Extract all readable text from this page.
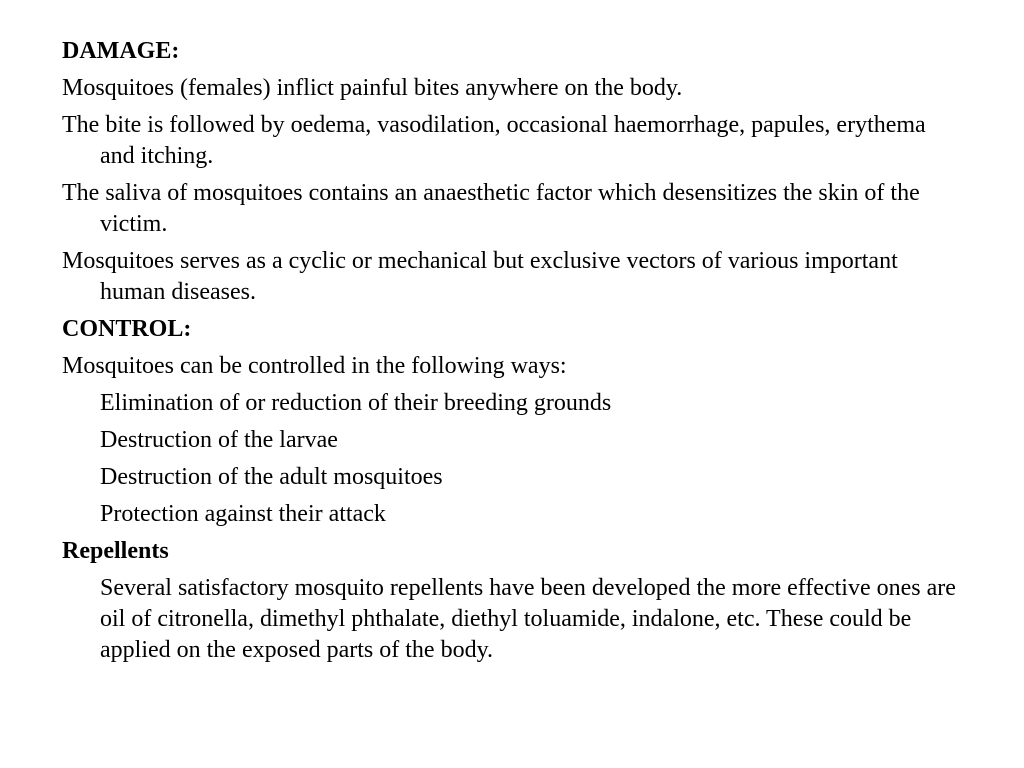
DAMAGE:
Mosquitoes (females) inflict painful bites anywhere on the body.
The bite is followed by oedema, vasodilation, occasional haemorrhage, papules, erythema and itching.
The saliva of mosquitoes contains an anaesthetic factor which desensitizes the skin of the victim.
Mosquitoes serves as a cyclic or mechanical but exclusive vectors of various important human diseases.
CONTROL:
Mosquitoes can be controlled in the following ways:
Elimination of or reduction of their breeding grounds
Destruction of the larvae
Destruction of the adult mosquitoes
Protection against their attack
Repellents
Several satisfactory mosquito repellents have been developed the more effective ones are oil of citronella, dimethyl phthalate, diethyl toluamide, indalone, etc. These could be applied on the exposed parts of the body.
